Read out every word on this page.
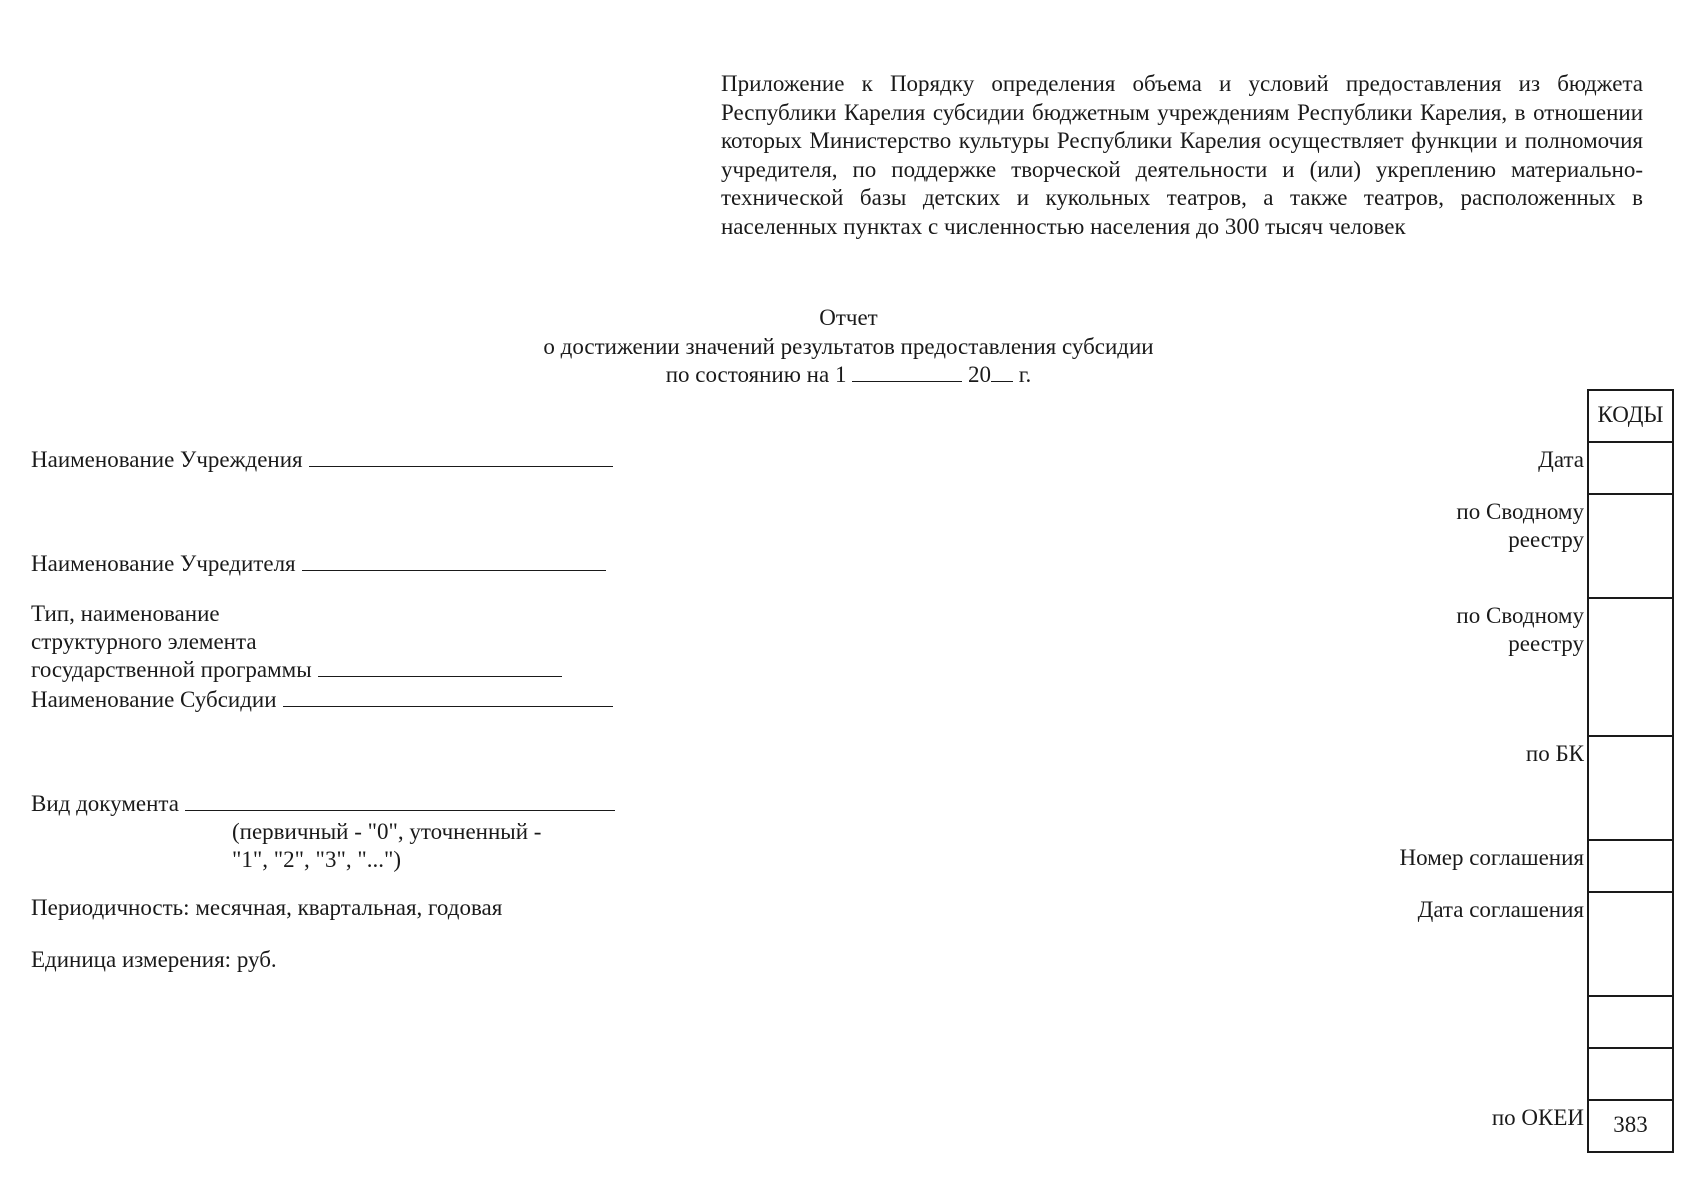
Приложение к Порядку определения объема и условий предоставления из бюджета Республики Карелия субсидии бюджетным учреждениям Республики Карелия, в отношении которых Министерство культуры Республики Карелия осуществляет функции и полномочия учредителя, по поддержке творческой деятельности и (или) укреплению материально-технической базы детских и кукольных театров, а также театров, расположенных в населенных пунктах с численностью населения до 300 тысяч человек
Отчет
о достижении значений результатов предоставления субсидии
по состоянию на 1	20 г.
Наименование Учреждения
Наименование Учредителя
Тип, наименование
структурного элемента
государственной программы
Наименование Субсидии
Вид документа
(первичный - "0", уточненный -
"1", "2", "3", "...")
Периодичность: месячная, квартальная, годовая
Единица измерения: руб.
Дата
по Сводному
реестру
по Сводному
реестру
по БК
Номер соглашения
Дата соглашения
по ОКЕИ
КОДЫ
383
